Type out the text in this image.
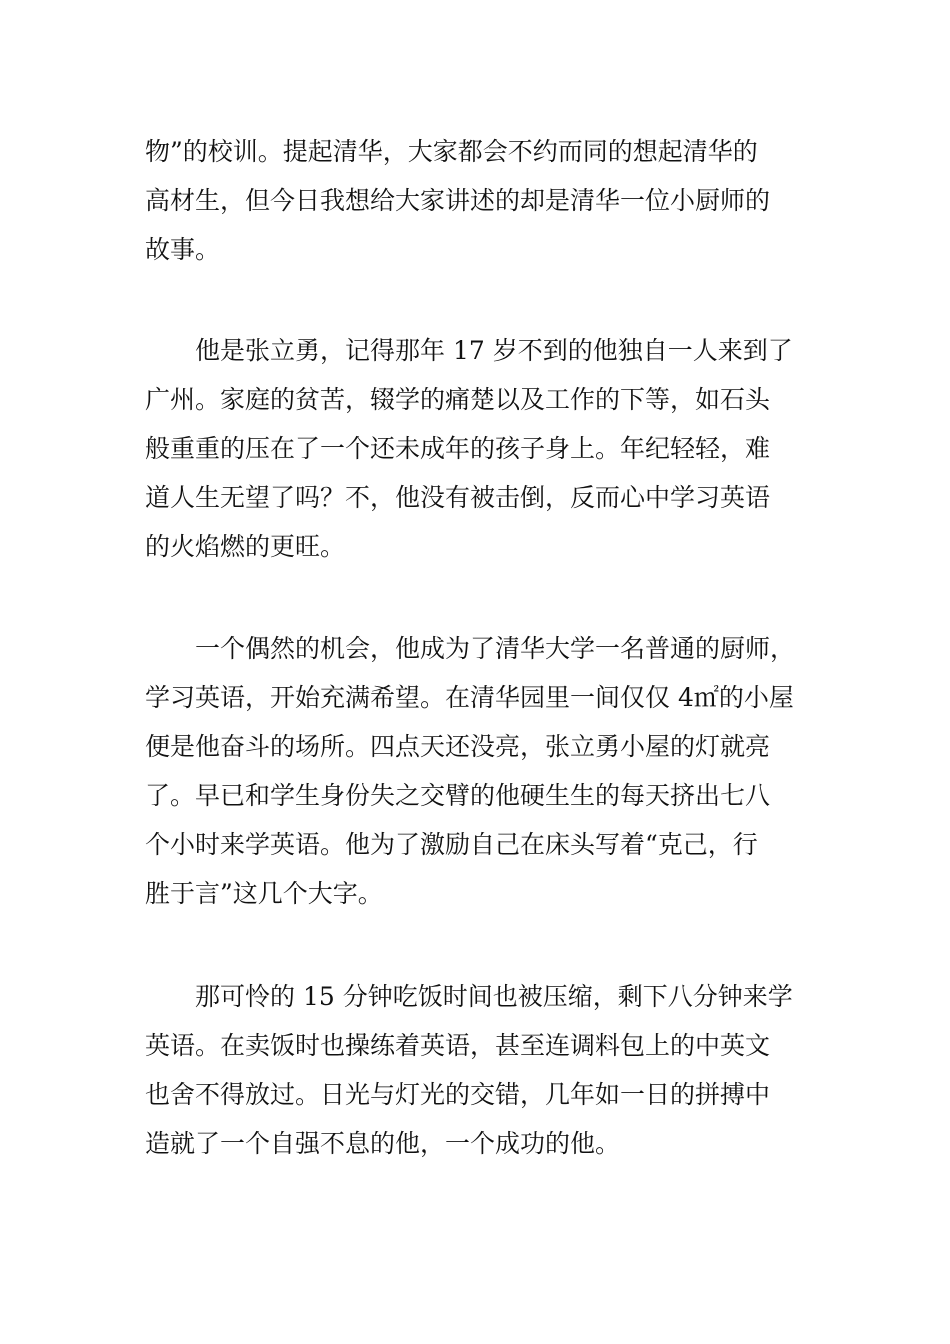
物”的校训。提起清华，大家都会不约而同的想起清华的
高材生，但今日我想给大家讲述的却是清华一位小厨师的
故事。
他是张立勇，记得那年 17 岁不到的他独自一人来到了
广州。家庭的贫苦，辍学的痛楚以及工作的下等，如石头
般重重的压在了一个还未成年的孩子身上。年纪轻轻，难
道人生无望了吗？不，他没有被击倒，反而心中学习英语
的火焰燃的更旺。
一个偶然的机会，他成为了清华大学一名普通的厨师，
学习英语，开始充满希望。在清华园里一间仅仅 4㎡的小屋
便是他奋斗的场所。四点天还没亮，张立勇小屋的灯就亮
了。早已和学生身份失之交臂的他硬生生的每天挤出七八
个小时来学英语。他为了激励自己在床头写着“克己，行
胜于言”这几个大字。
那可怜的 15 分钟吃饭时间也被压缩，剩下八分钟来学
英语。在卖饭时也操练着英语，甚至连调料包上的中英文
也舍不得放过。日光与灯光的交错，几年如一日的拼搏中
造就了一个自强不息的他，一个成功的他。
